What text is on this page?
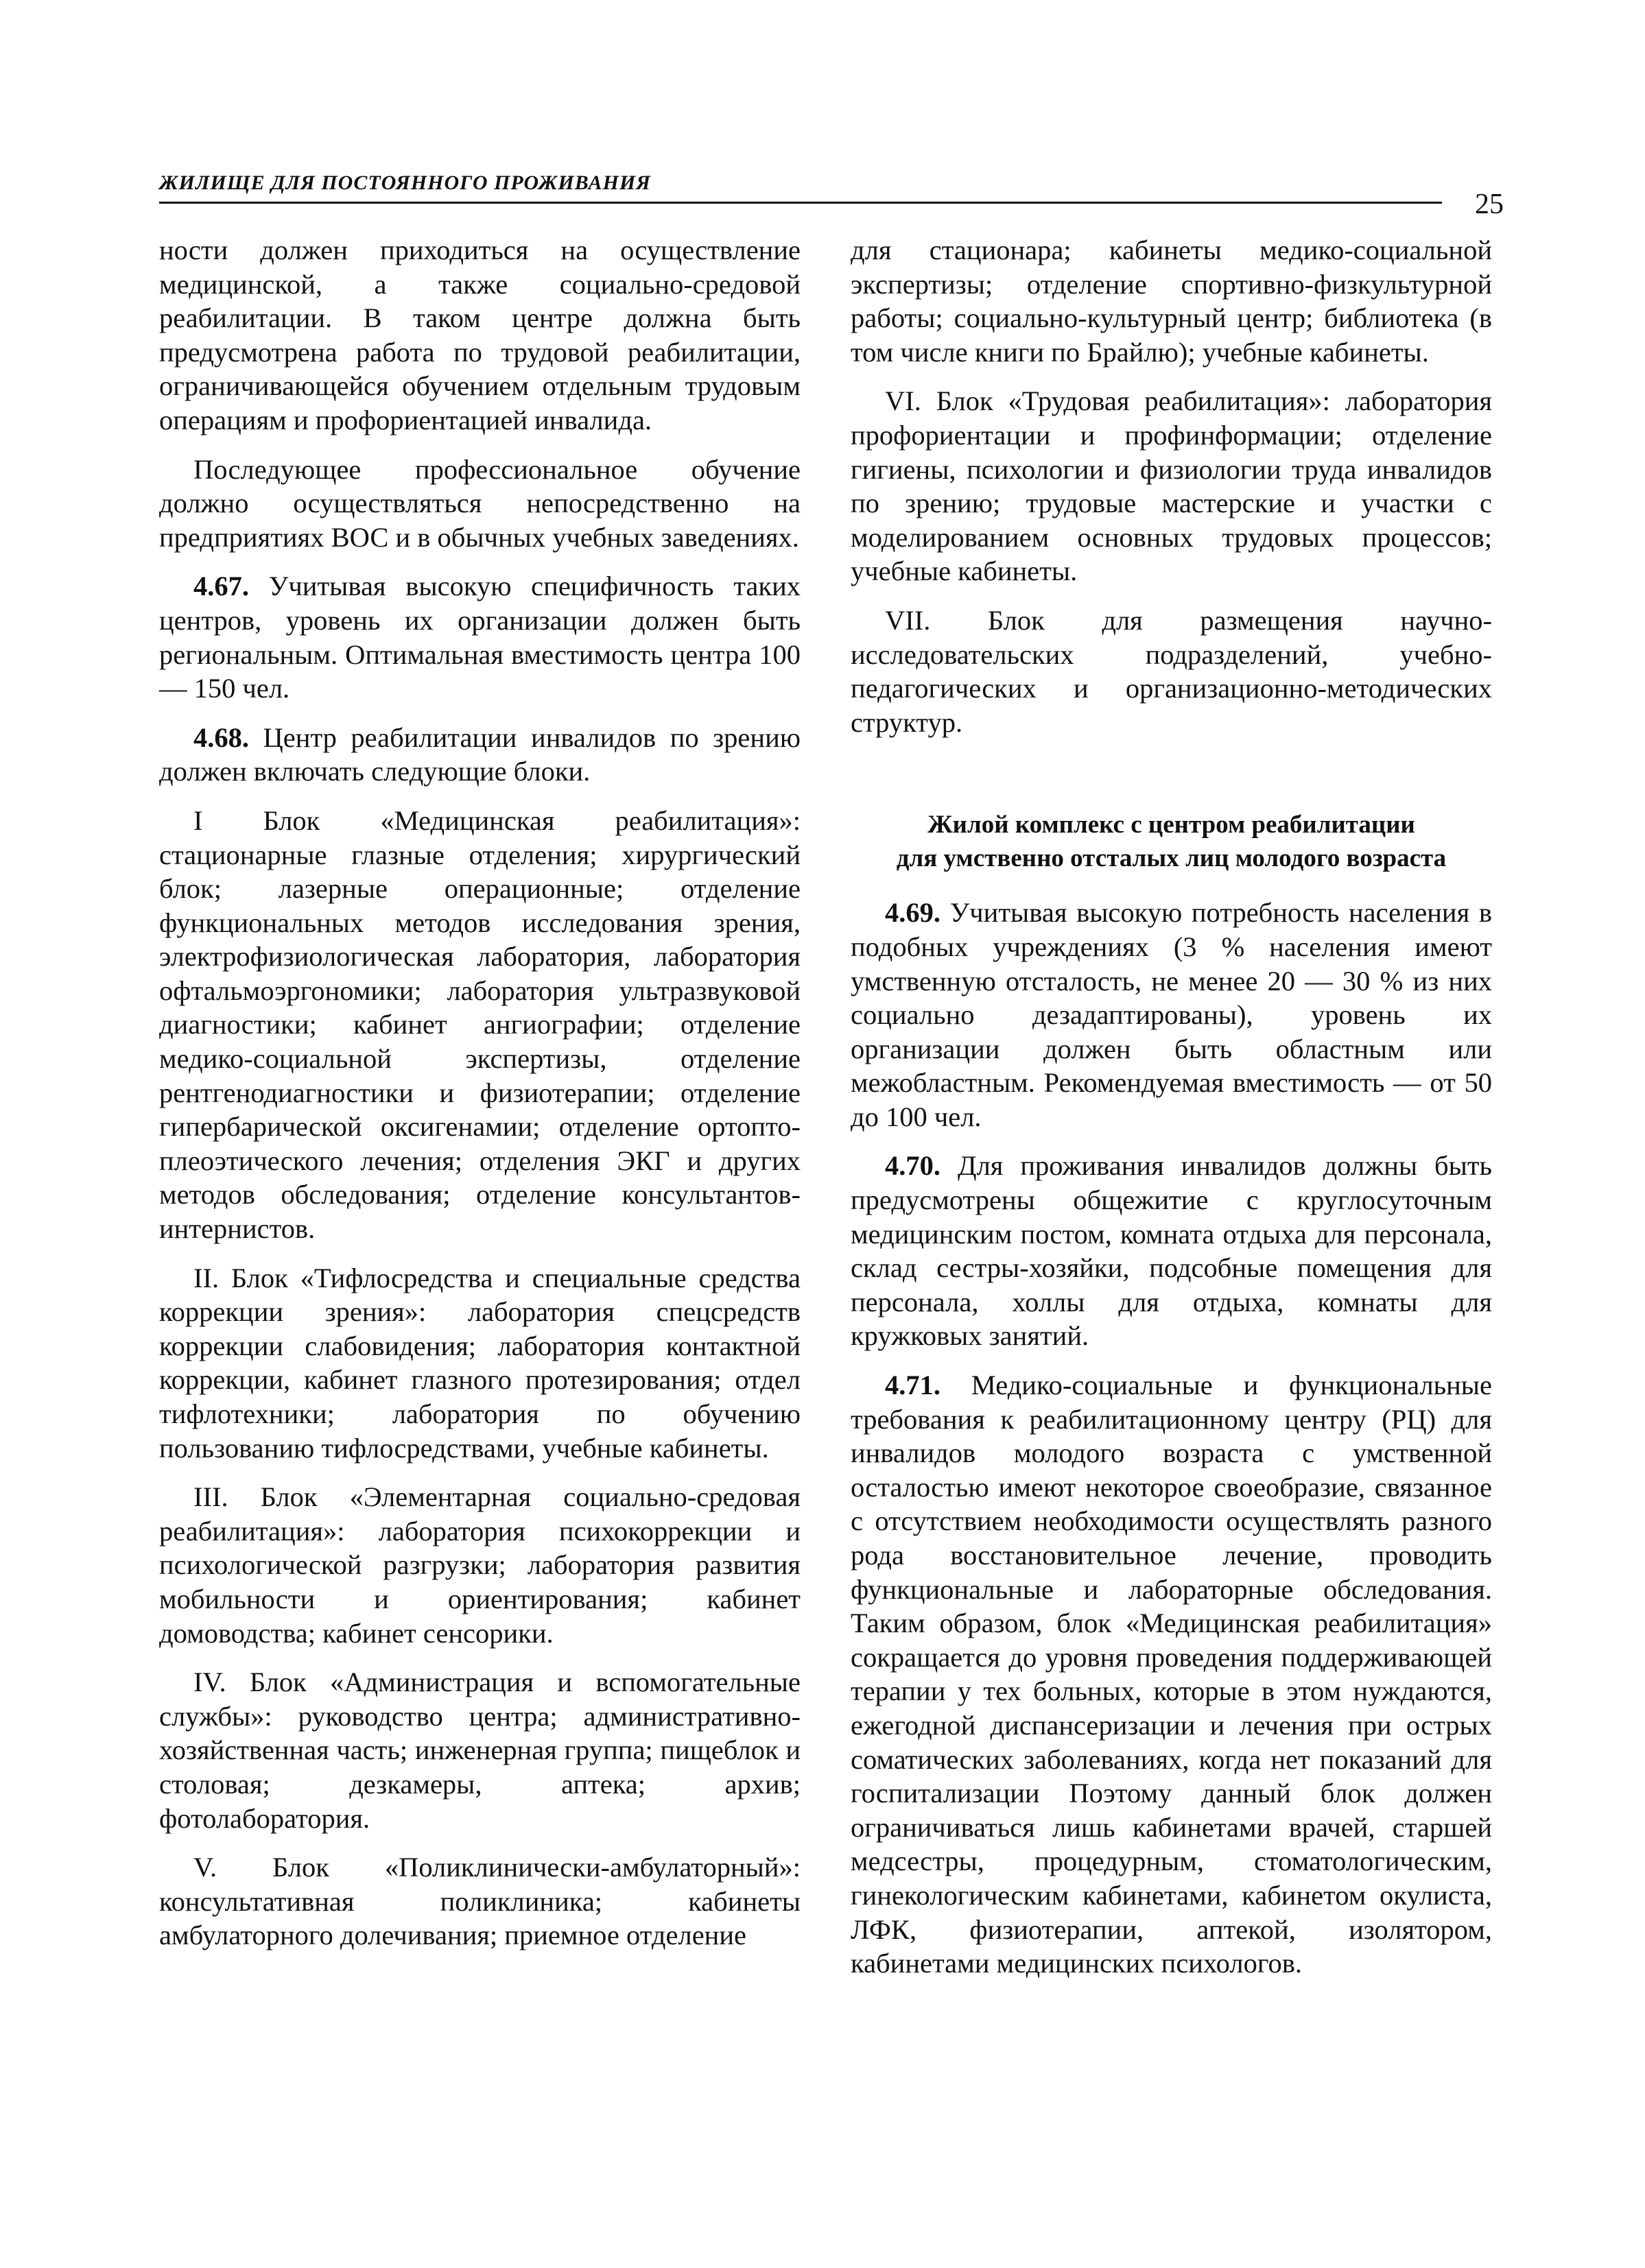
ЖИЛИЩЕ ДЛЯ ПОСТОЯННОГО ПРОЖИВАНИЯ
25

ности должен приходиться на осуществление медицинской, а также социально-средовой реабилитации. В таком центре должна быть предусмотрена работа по трудовой реабилитации, ограничивающейся обучением отдельным трудовым операциям и профориентацией инвалида.

Последующее профессиональное обучение должно осуществляться непосредственно на предприятиях ВОС и в обычных учебных заведениях.

4.67. Учитывая высокую специфичность таких центров, уровень их организации должен быть региональным. Оптимальная вместимость центра 100 — 150 чел.

4.68. Центр реабилитации инвалидов по зрению должен включать следующие блоки.

I Блок «Медицинская реабилитация»: стационарные глазные отделения; хирургический блок; лазерные операционные; отделение функциональных методов исследования зрения, электрофизиологическая лаборатория, лаборатория офтальмоэргономики; лаборатория ультразвуковой диагностики; кабинет ангиографии; отделение медико-социальной экспертизы, отделение рентгенодиагностики и физиотерапии; отделение гипербарической оксигенамии; отделение ортопто-плеоэтического лечения; отделения ЭКГ и других методов обследования; отделение консультантов-интернистов.

II. Блок «Тифлосредства и специальные средства коррекции зрения»: лаборатория спецсредств коррекции слабовидения; лаборатория контактной коррекции, кабинет глазного протезирования; отдел тифлотехники; лаборатория по обучению пользованию тифлосредствами, учебные кабинеты.

III. Блок «Элементарная социально-средовая реабилитация»: лаборатория психокоррекции и психологической разгрузки; лаборатория развития мобильности и ориентирования; кабинет домоводства; кабинет сенсорики.

IV. Блок «Администрация и вспомогательные службы»: руководство центра; административно-хозяйственная часть; инженерная группа; пищеблок и столовая; дезкамеры, аптека; архив; фотолаборатория.

V. Блок «Поликлинически-амбулаторный»: консультативная поликлиника; кабинеты амбулаторного долечивания; приемное отделение

для стационара; кабинеты медико-социальной экспертизы; отделение спортивно-физкультурной работы; социально-культурный центр; библиотека (в том числе книги по Брайлю); учебные кабинеты.

VI. Блок «Трудовая реабилитация»: лаборатория профориентации и профинформации; отделение гигиены, психологии и физиологии труда инвалидов по зрению; трудовые мастерские и участки с моделированием основных трудовых процессов; учебные кабинеты.

VII. Блок для размещения научно-исследовательских подразделений, учебно-педагогических и организационно-методических структур.

Жилой комплекс с центром реабилитации
для умственно отсталых лиц молодого возраста

4.69. Учитывая высокую потребность населения в подобных учреждениях (3 % населения имеют умственную отсталость, не менее 20 — 30 % из них социально дезадаптированы), уровень их организации должен быть областным или межобластным. Рекомендуемая вместимость — от 50 до 100 чел.

4.70. Для проживания инвалидов должны быть предусмотрены общежитие с круглосуточным медицинским постом, комната отдыха для персонала, склад сестры-хозяйки, подсобные помещения для персонала, холлы для отдыха, комнаты для кружковых занятий.

4.71. Медико-социальные и функциональные требования к реабилитационному центру (РЦ) для инвалидов молодого возраста с умственной осталостью имеют некоторое своеобразие, связанное с отсутствием необходимости осуществлять разного рода восстановительное лечение, проводить функциональные и лабораторные обследования. Таким образом, блок «Медицинская реабилитация» сокращается до уровня проведения поддерживающей терапии у тех больных, которые в этом нуждаются, ежегодной диспансеризации и лечения при острых соматических заболеваниях, когда нет показаний для госпитализации Поэтому данный блок должен ограничиваться лишь кабинетами врачей, старшей медсестры, процедурным, стоматологическим, гинекологическим кабинетами, кабинетом окулиста, ЛФК, физиотерапии, аптекой, изолятором, кабинетами медицинских психологов.
